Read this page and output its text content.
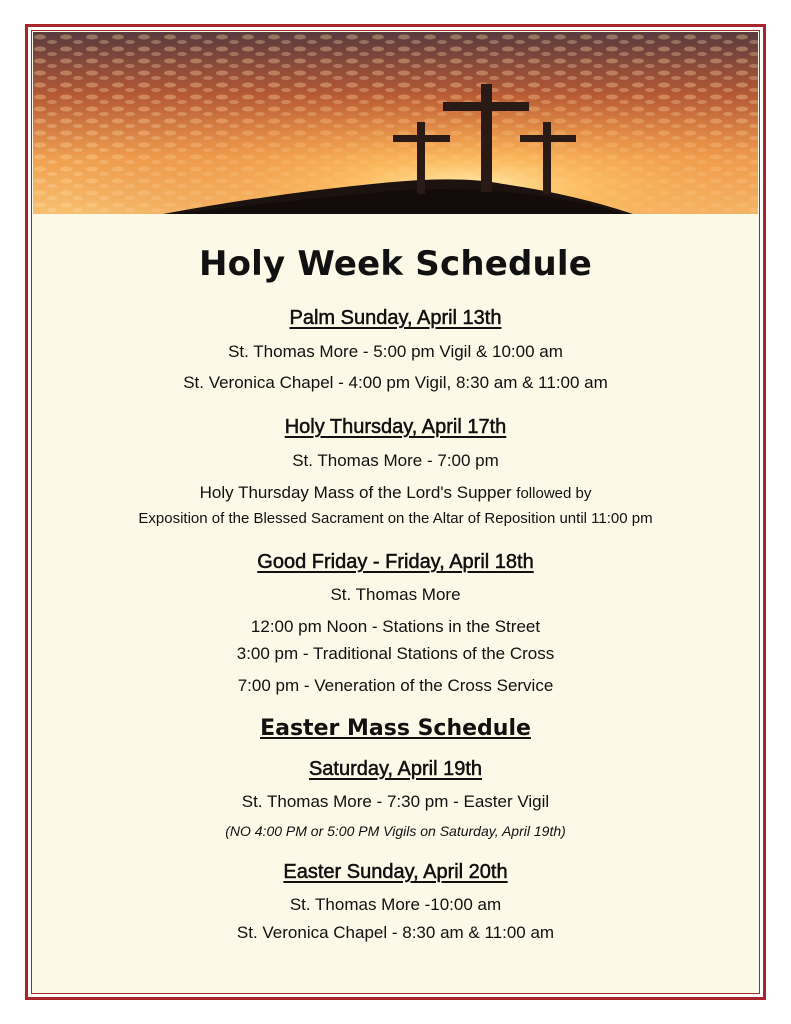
Holy Week Schedule
Palm Sunday, April 13th
St. Thomas More - 5:00 pm Vigil & 10:00 am
St. Veronica Chapel - 4:00 pm Vigil, 8:30 am & 11:00 am
Holy Thursday, April 17th
St. Thomas More - 7:00 pm
Holy Thursday Mass of the Lord's Supper followed by
Exposition of the Blessed Sacrament on the Altar of Reposition until 11:00 pm
Good Friday - Friday, April 18th
St. Thomas More
12:00 pm Noon - Stations in the Street
3:00 pm - Traditional Stations of the Cross
7:00 pm - Veneration of the Cross Service
Easter Mass Schedule
Saturday, April 19th
St. Thomas More - 7:30 pm - Easter Vigil
(NO 4:00 PM or 5:00 PM Vigils on Saturday, April 19th)
Easter Sunday, April 20th
St. Thomas More -10:00 am
St. Veronica Chapel - 8:30 am & 11:00 am
